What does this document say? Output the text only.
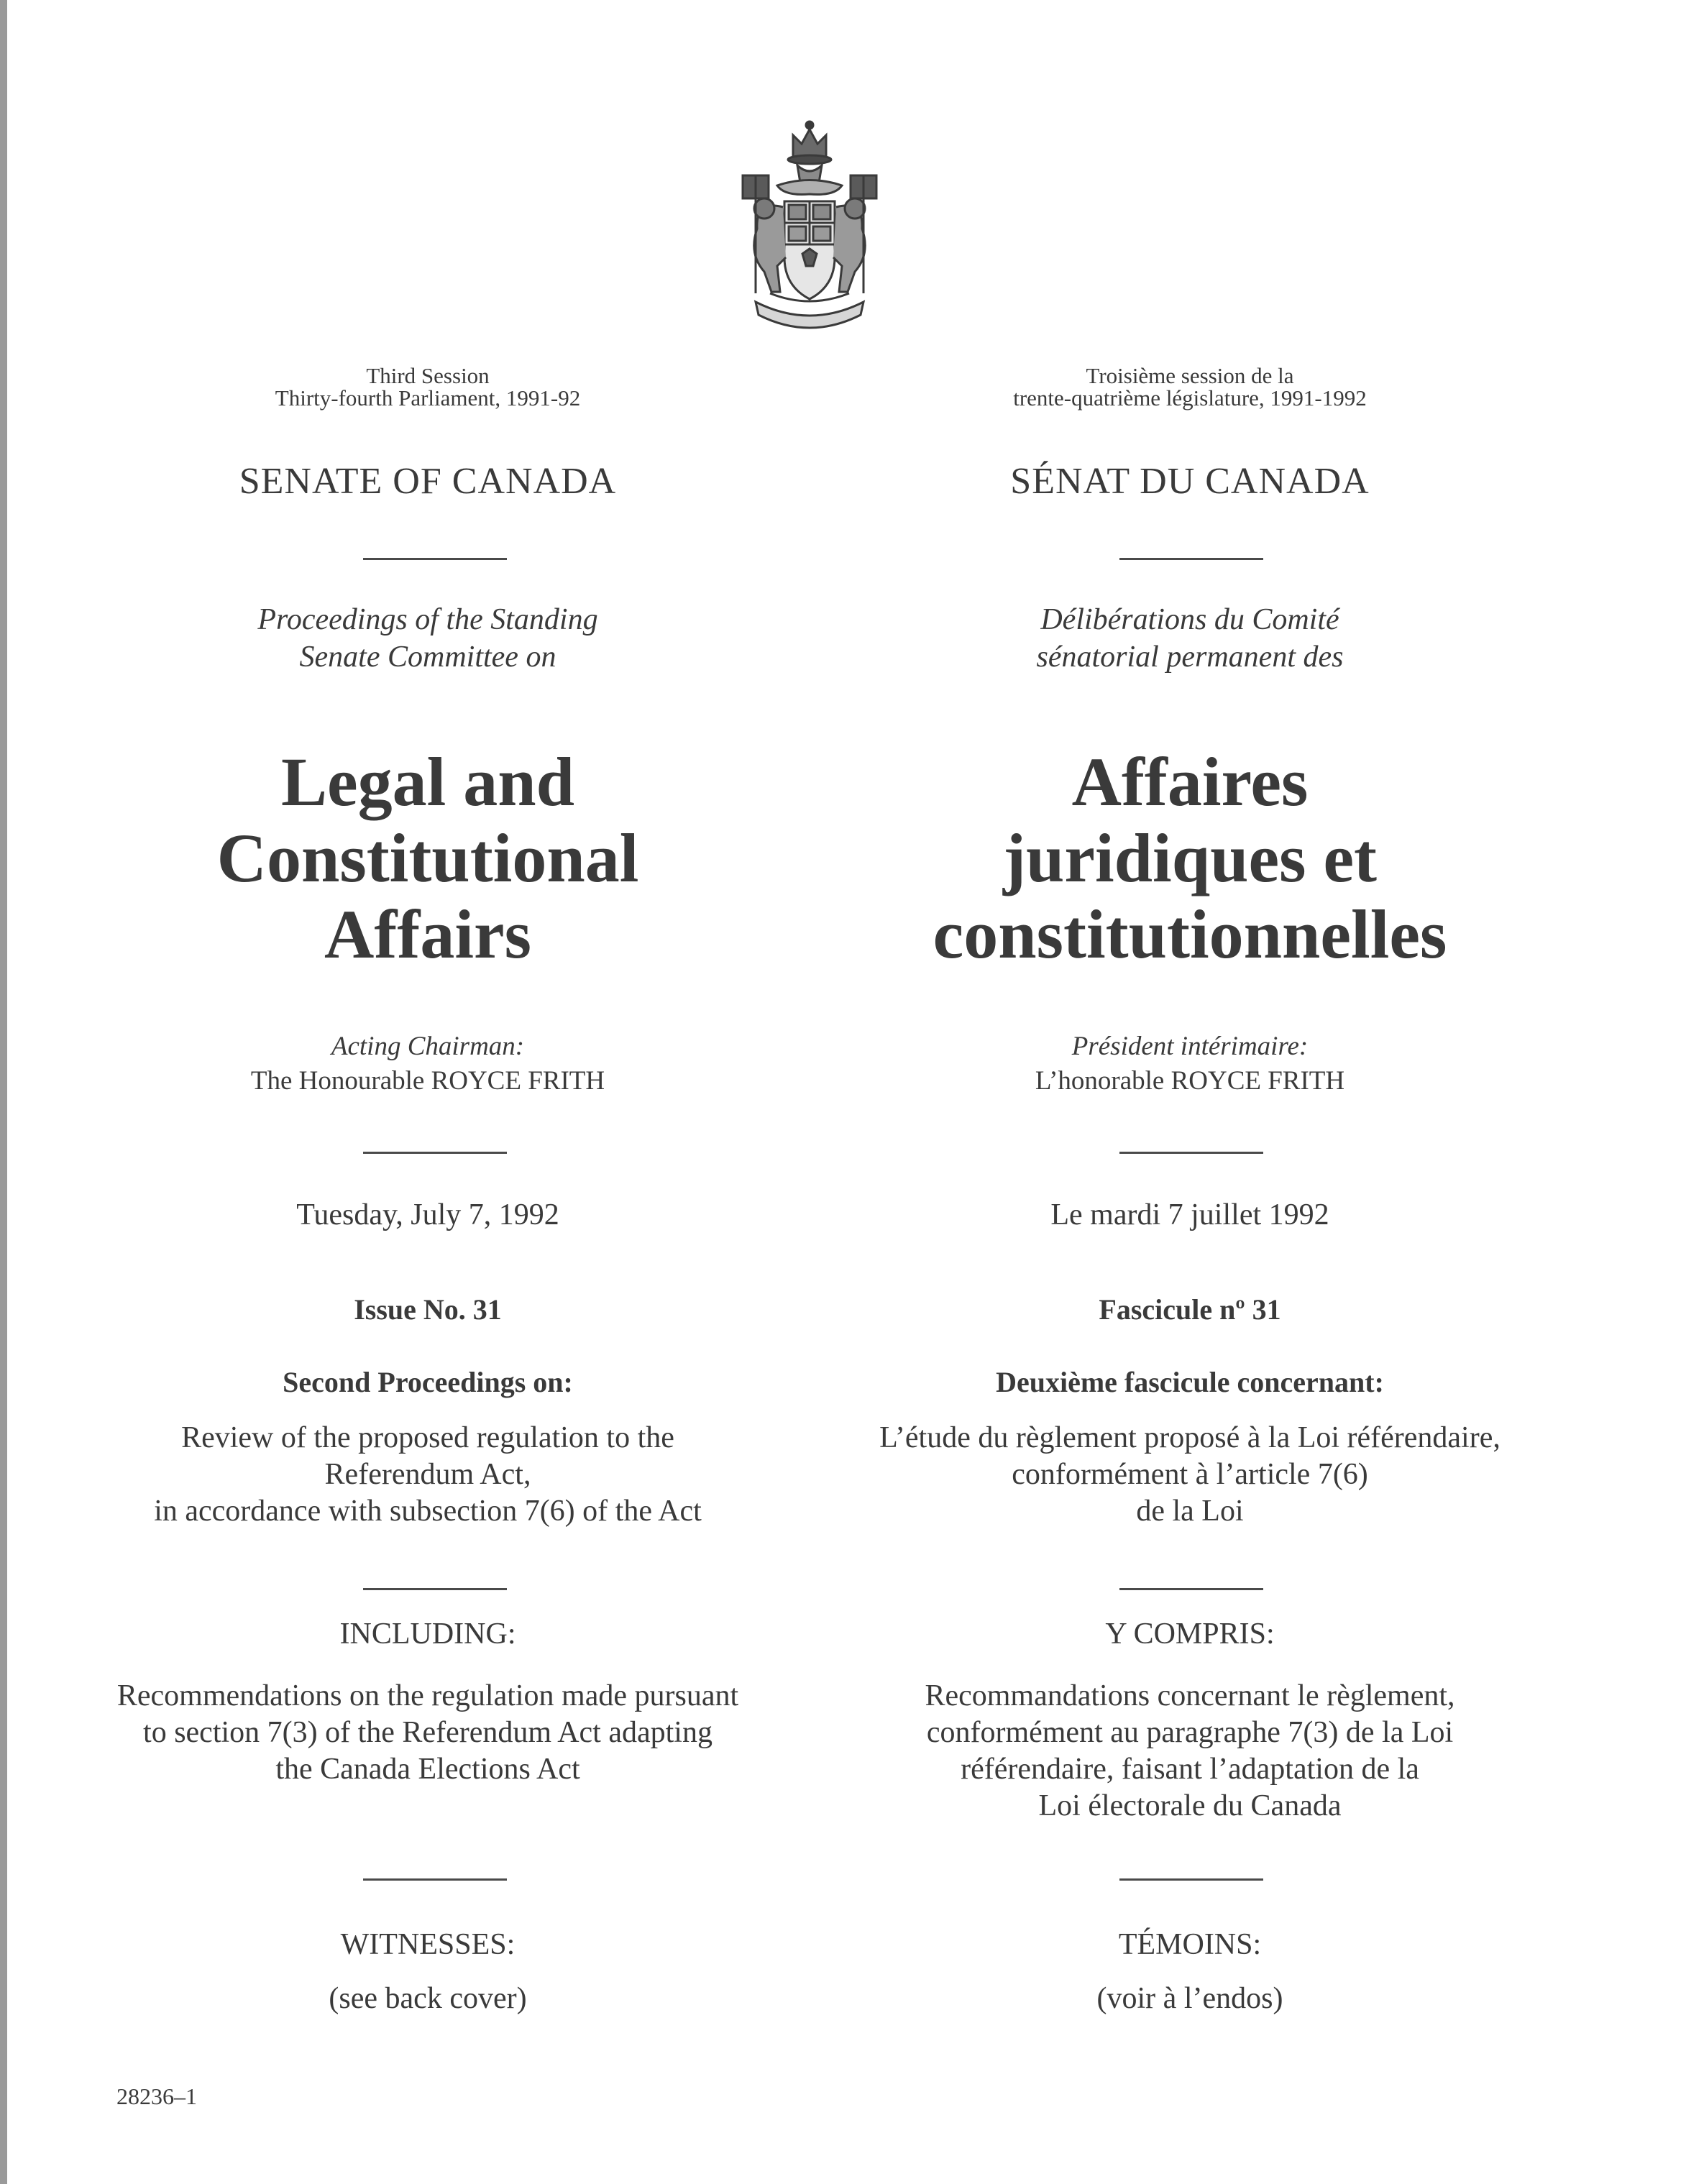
Third Session
Thirty-fourth Parliament, 1991-92
SENATE OF CANADA
Proceedings of the Standing
Senate Committee on
Legal and
Constitutional
Affairs
Acting Chairman:
The Honourable ROYCE FRITH
Tuesday, July 7, 1992
Issue No. 31
Second Proceedings on:
Review of the proposed regulation to the
Referendum Act,
in accordance with subsection 7(6) of the Act
INCLUDING:
Recommendations on the regulation made pursuant
to section 7(3) of the Referendum Act adapting
the Canada Elections Act
WITNESSES:
(see back cover)
Troisième session de la
trente-quatrième législature, 1991-1992
SÉNAT DU CANADA
Délibérations du Comité
sénatorial permanent des
Affaires
juridiques et
constitutionnelles
Président intérimaire:
L’honorable ROYCE FRITH
Le mardi 7 juillet 1992
Fascicule nº 31
Deuxième fascicule concernant:
L’étude du règlement proposé à la Loi référendaire,
conformément à l’article 7(6)
de la Loi
Y COMPRIS:
Recommandations concernant le règlement,
conformément au paragraphe 7(3) de la Loi
référendaire, faisant l’adaptation de la
Loi électorale du Canada
TÉMOINS:
(voir à l’endos)
28236–1
